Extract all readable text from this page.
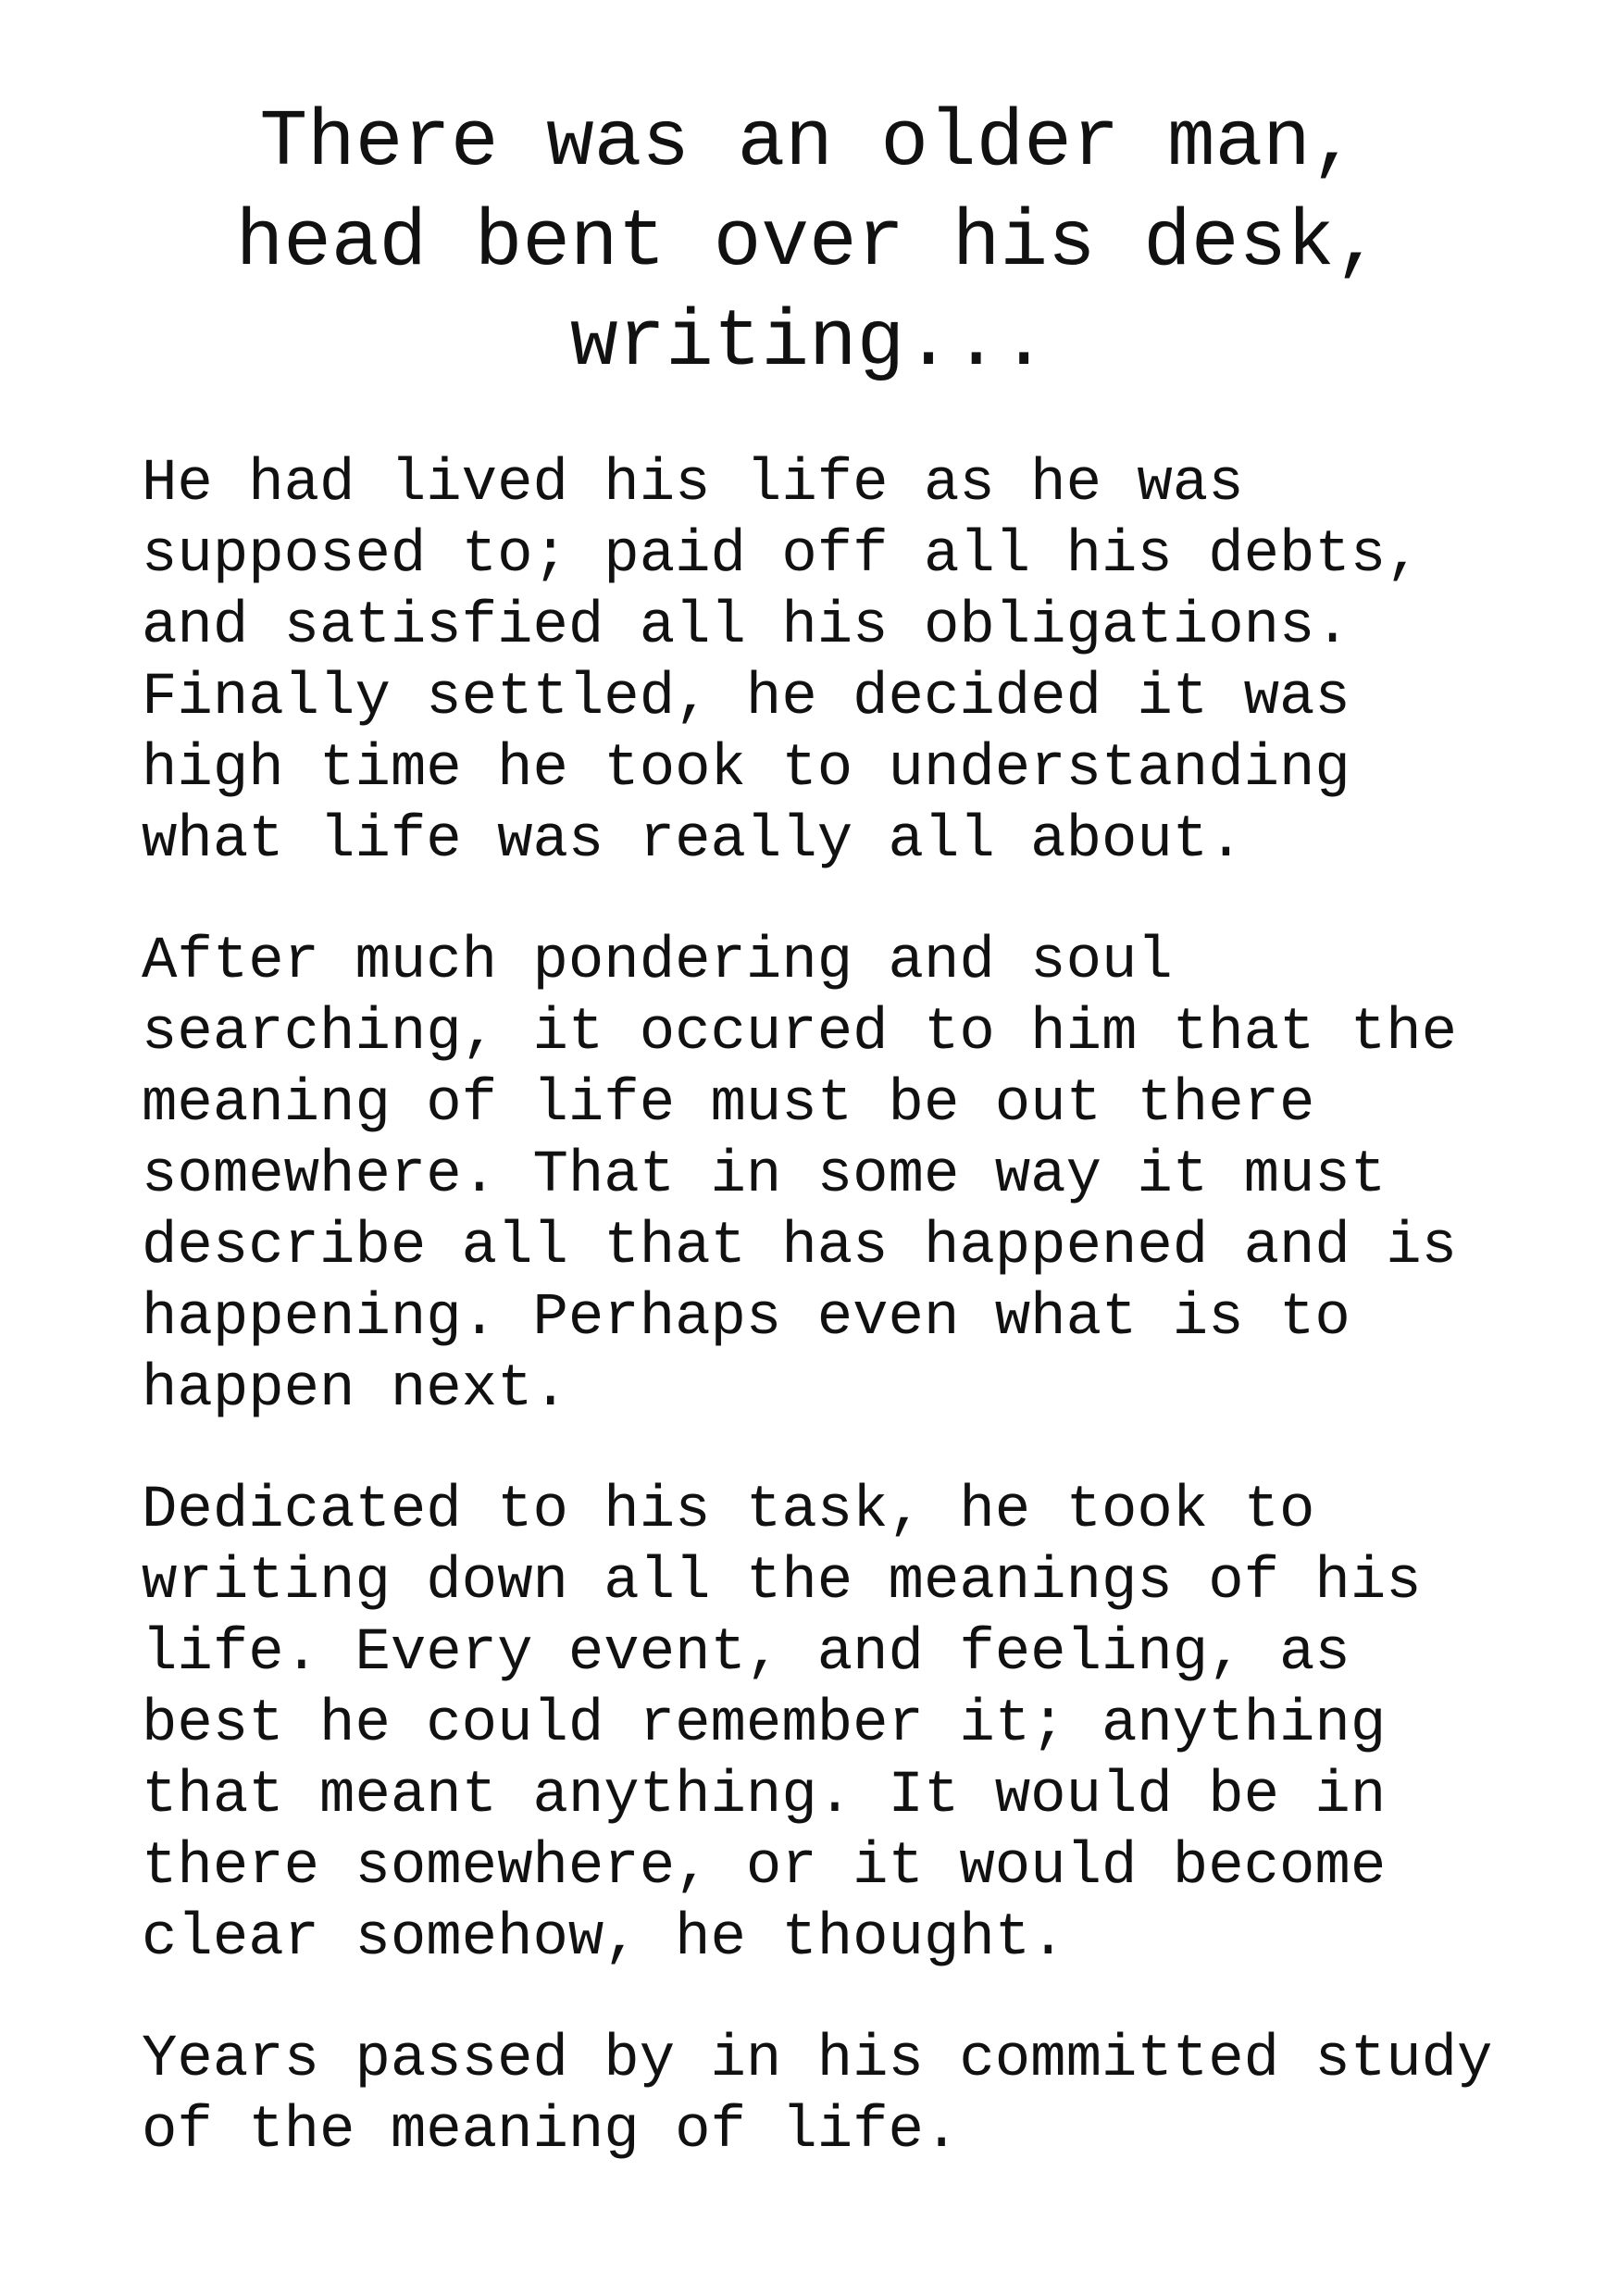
There was an older man,
head bent over his desk,
writing...

He had lived his life as he was
supposed to; paid off all his debts,
and satisfied all his obligations.
Finally settled, he decided it was
high time he took to understanding
what life was really all about.

After much pondering and soul
searching, it occured to him that the
meaning of life must be out there
somewhere. That in some way it must
describe all that has happened and is
happening. Perhaps even what is to
happen next.

Dedicated to his task, he took to
writing down all the meanings of his
life. Every event, and feeling, as
best he could remember it; anything
that meant anything. It would be in
there somewhere, or it would become
clear somehow, he thought.

Years passed by in his committed study
of the meaning of life.
